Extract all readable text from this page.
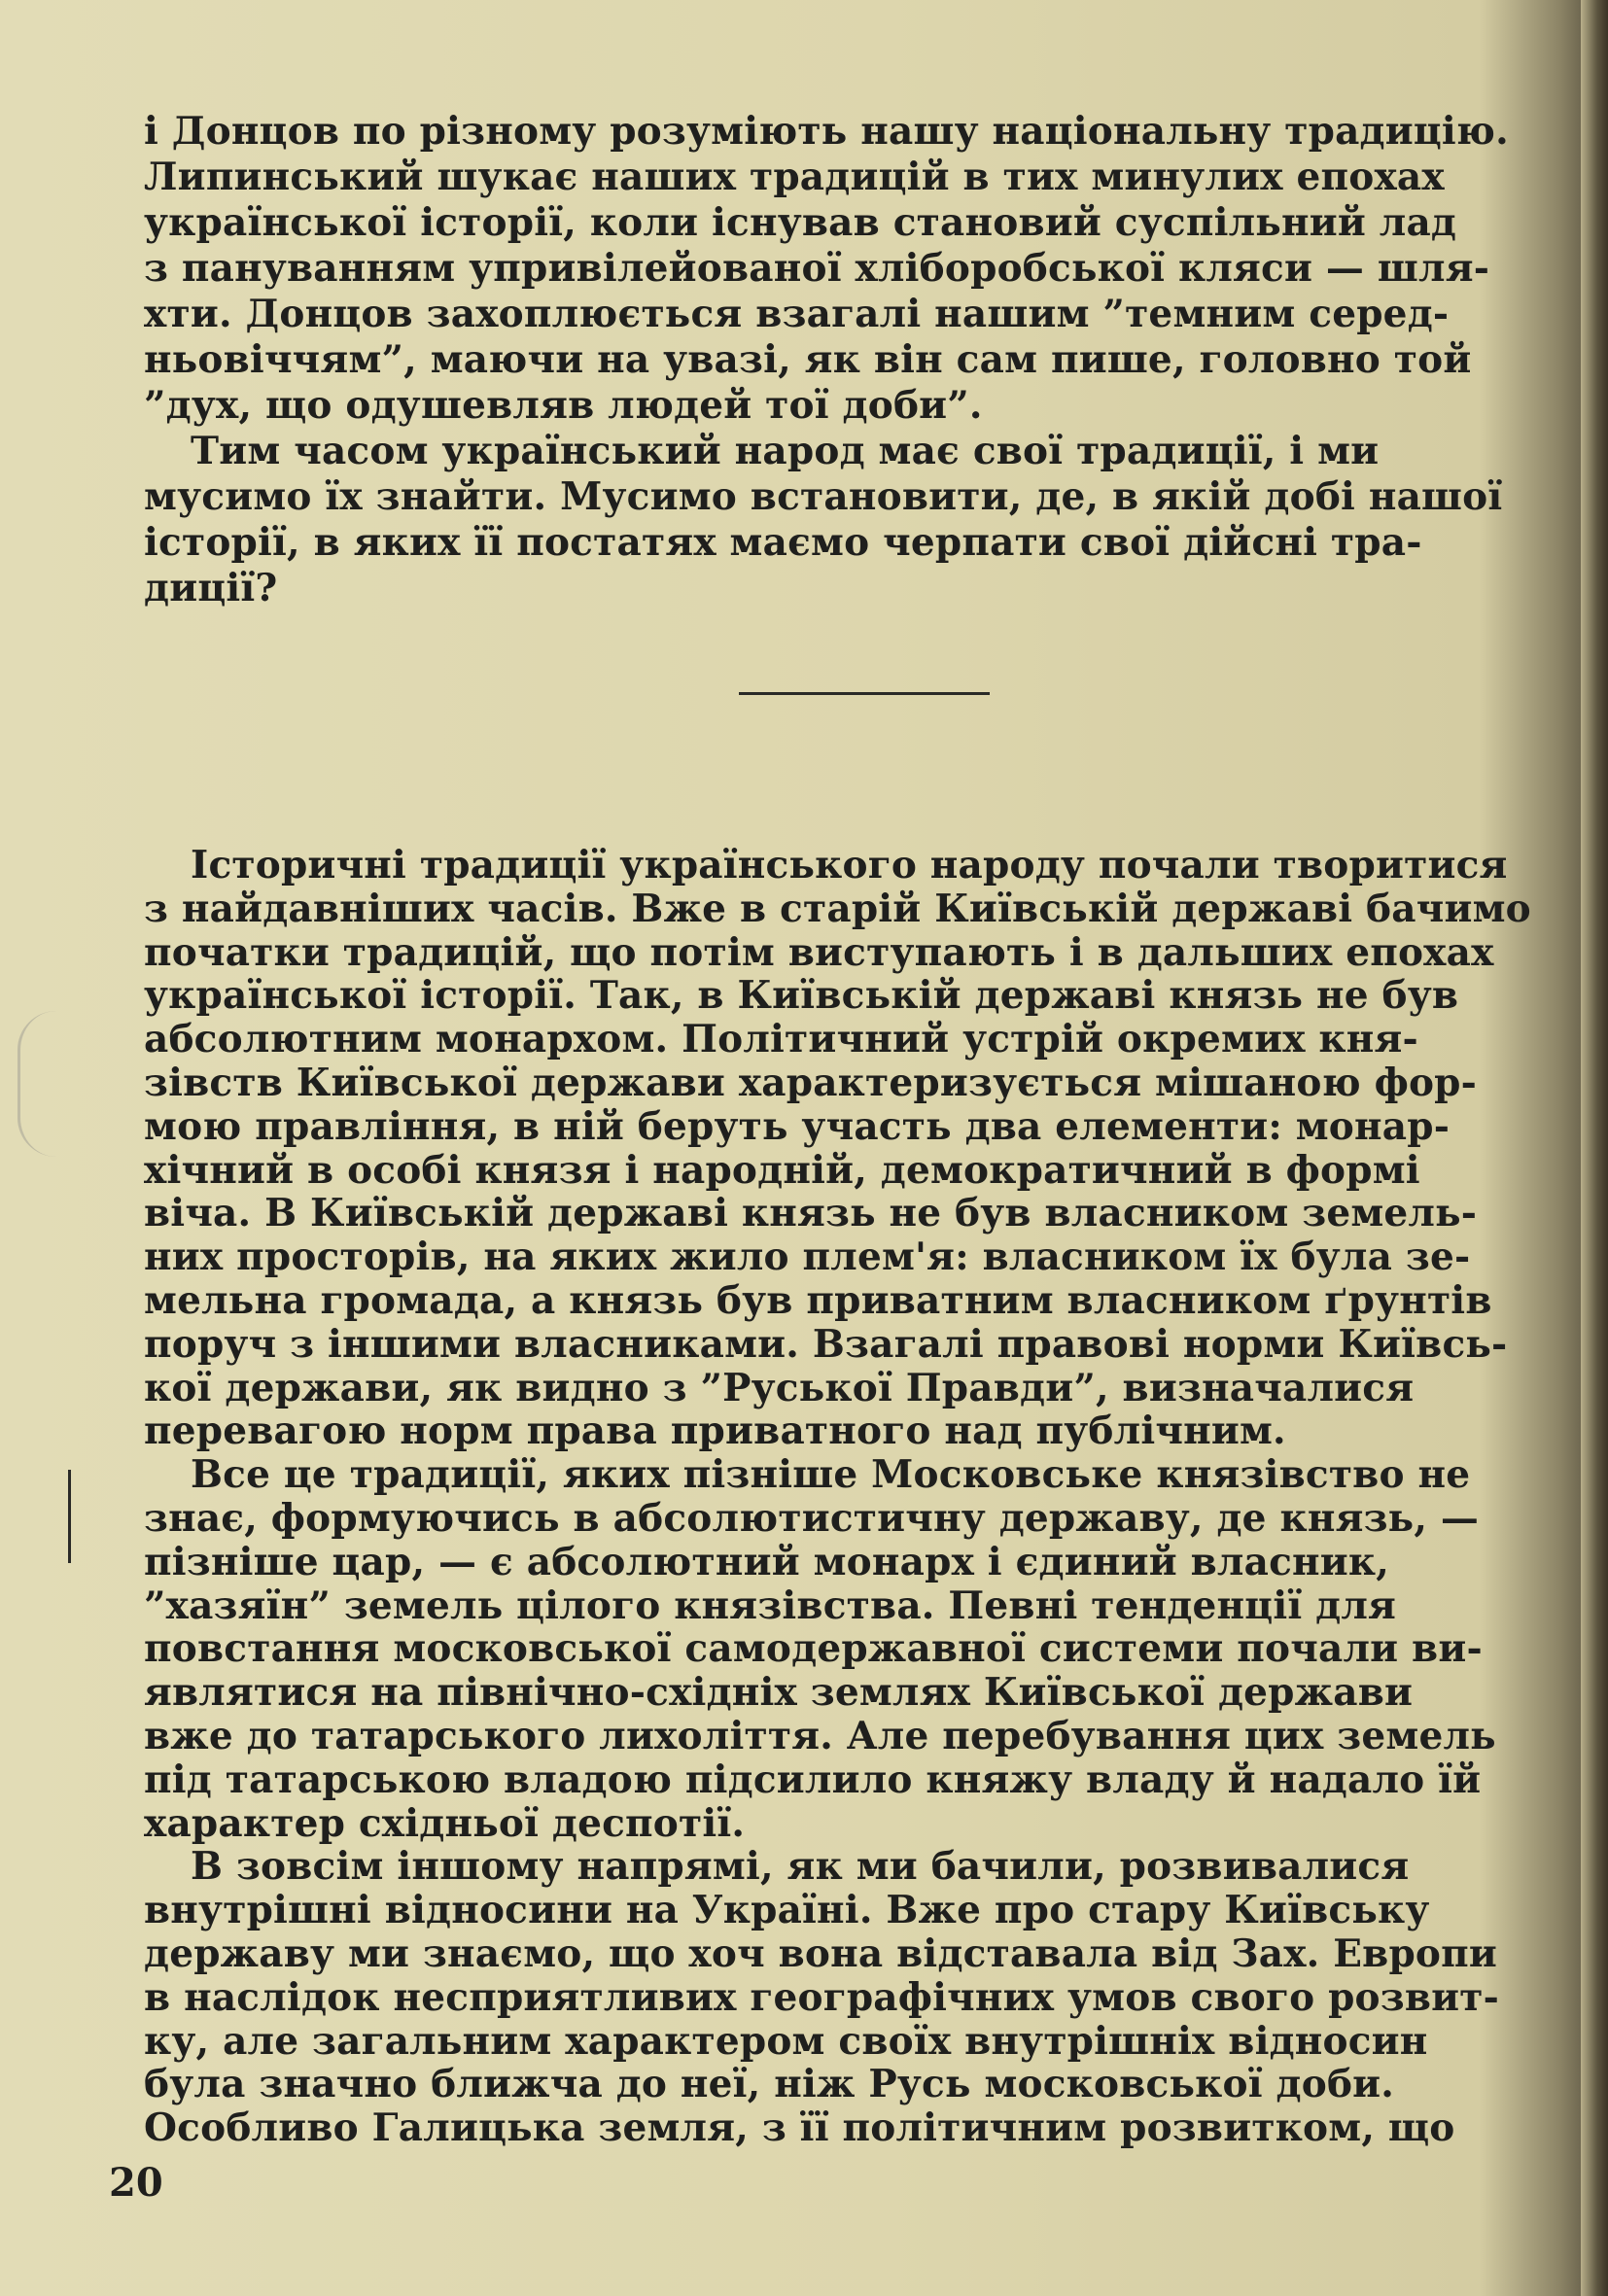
і Донцов по різному розуміють нашу національну традицію.
Липинський шукає наших традицій в тих минулих епохах
української історії, коли існував становий суспільний лад
з пануванням упривілейованої хліборобської кляси — шля-
хти. Донцов захоплюється взагалі нашим ”темним серед-
ньовіччям”, маючи на увазі, як він сам пише, головно той
”дух, що одушевляв людей тої доби”.
Тим часом український народ має свої традиції, і ми
мусимо їх знайти. Мусимо встановити, де, в якій добі нашої
історії, в яких її постатях маємо черпати свої дійсні тра-
диції?
Історичні традиції українського народу почали творитися
з найдавніших часів. Вже в старій Київській державі бачимо
початки традицій, що потім виступають і в дальших епохах
української історії. Так, в Київській державі князь не був
абсолютним монархом. Політичний устрій окремих кня-
зівств Київської держави характеризується мішаною фор-
мою правління, в ній беруть участь два елементи: монар-
хічний в особі князя і народній, демократичний в формі
віча. В Київській державі князь не був власником земель-
них просторів, на яких жило плем'я: власником їх була зе-
мельна громада, а князь був приватним власником ґрунтів
поруч з іншими власниками. Взагалі правові норми Київсь-
кої держави, як видно з ”Руської Правди”, визначалися
перевагою норм права приватного над публічним.
Все це традиції, яких пізніше Московське князівство не
знає, формуючись в абсолютистичну державу, де князь, —
пізніше цар, — є абсолютний монарх і єдиний власник,
”хазяїн” земель цілого князівства. Певні тенденції для
повстання московської самодержавної системи почали ви-
являтися на північно-східніх землях Київської держави
вже до татарського лихоліття. Але перебування цих земель
під татарською владою підсилило княжу владу й надало їй
характер східньої деспотії.
В зовсім іншому напрямі, як ми бачили, розвивалися
внутрішні відносини на Україні. Вже про стару Київську
державу ми знаємо, що хоч вона відставала від Зах. Европи
в наслідок несприятливих географічних умов свого розвит-
ку, але загальним характером своїх внутрішніх відносин
була значно ближча до неї, ніж Русь московської доби.
Особливо Галицька земля, з її політичним розвитком, що
20
